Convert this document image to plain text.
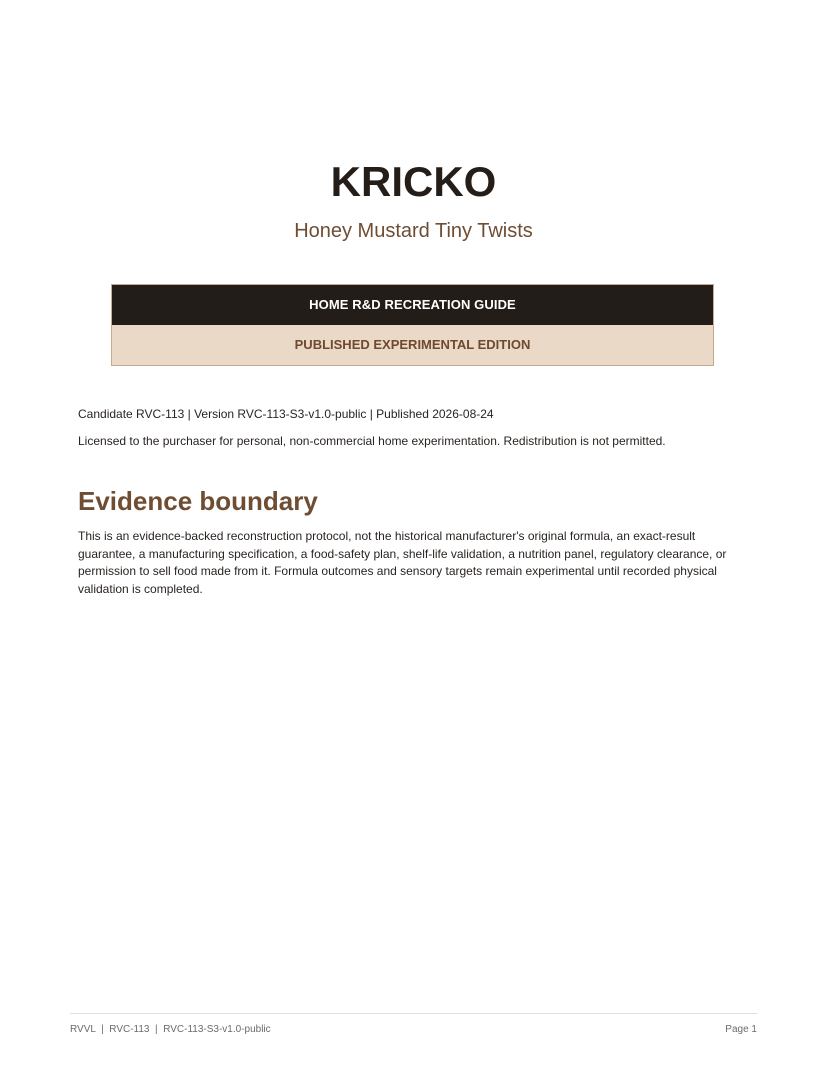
KRICKO

Honey Mustard Tiny Twists

HOME R&D RECREATION GUIDE
PUBLISHED EXPERIMENTAL EDITION

Candidate RVC-113 | Version RVC-113-S3-v1.0-public | Published 2026-08-24

Licensed to the purchaser for personal, non-commercial home experimentation. Redistribution is not permitted.

Evidence boundary

This is an evidence-backed reconstruction protocol, not the historical manufacturer's original formula, an exact-result guarantee, a manufacturing specification, a food-safety plan, shelf-life validation, a nutrition panel, regulatory clearance, or permission to sell food made from it. Formula outcomes and sensory targets remain experimental until recorded physical validation is completed.

RVVL  |  RVC-113  |  RVC-113-S3-v1.0-public	Page 1
